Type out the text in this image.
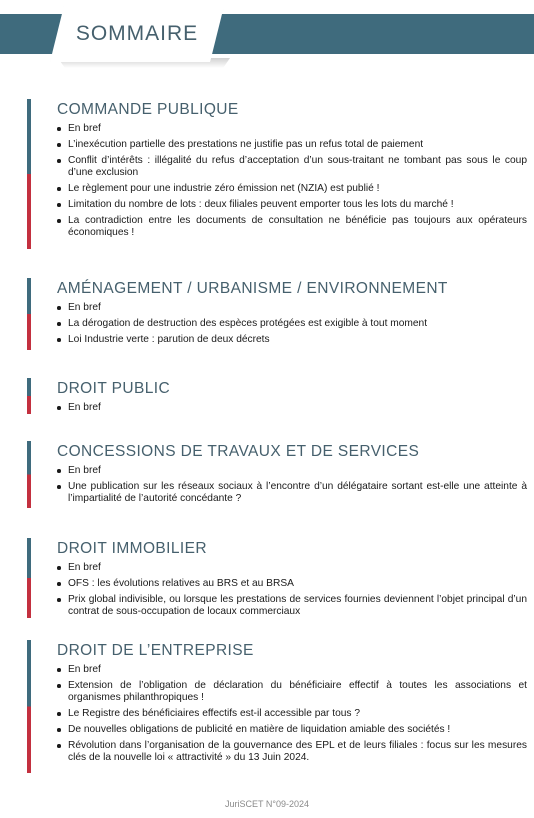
SOMMAIRE
COMMANDE PUBLIQUE
En bref
L’inexécution partielle des prestations ne justifie pas un refus total de paiement
Conflit d’intérêts : illégalité du refus d’acceptation d’un sous-traitant ne tombant pas sous le coup d’une exclusion
Le règlement pour une industrie zéro émission net (NZIA) est publié !
Limitation du nombre de lots : deux filiales peuvent emporter tous les lots du marché !
La contradiction entre les documents de consultation ne bénéficie pas toujours aux opérateurs économiques !
AMÉNAGEMENT / URBANISME / ENVIRONNEMENT
En bref
La dérogation de destruction des espèces protégées est exigible à tout moment
Loi Industrie verte : parution de deux décrets
DROIT PUBLIC
En bref
CONCESSIONS DE TRAVAUX ET DE SERVICES
En bref
Une publication sur les réseaux sociaux à l’encontre d’un délégataire sortant est-elle une atteinte à l’impartialité de l’autorité concédante ?
DROIT IMMOBILIER
En bref
OFS : les évolutions relatives au BRS et au BRSA
Prix global indivisible, ou lorsque les prestations de services fournies deviennent l’objet principal d’un contrat de sous-occupation de locaux commerciaux
DROIT DE L’ENTREPRISE
En bref
Extension de l’obligation de déclaration du bénéficiaire effectif à toutes les associations et organismes philanthropiques !
Le Registre des bénéficiaires effectifs est-il accessible par tous ?
De nouvelles obligations de publicité en matière de liquidation amiable des sociétés !
Révolution dans l’organisation de la gouvernance des EPL et de leurs filiales : focus sur les mesures clés de la nouvelle loi « attractivité » du 13 Juin 2024.
JuriSCET N°09-2024
